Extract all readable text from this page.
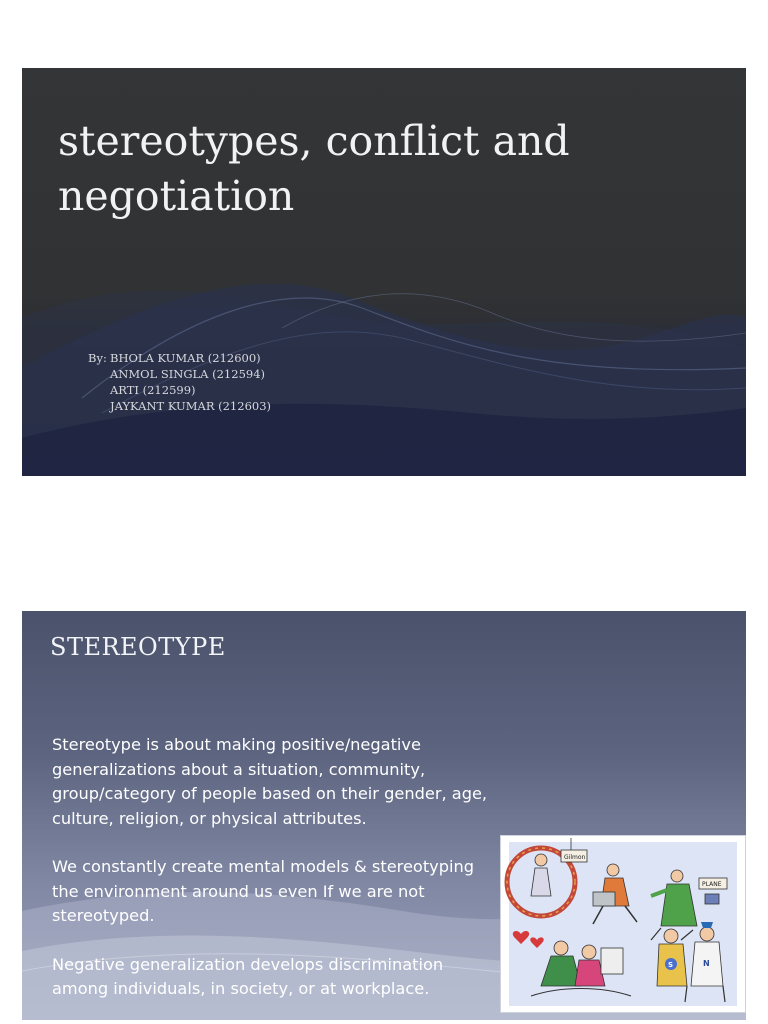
stereotypes, conflict and negotiation
By: BHOLA KUMAR (212600)
ANMOL SINGLA (212594)
ARTI (212599)
JAYKANT KUMAR (212603)
STEREOTYPE

Stereotype is about making positive/negative generalizations about a situation, community, group/category of people based on their gender, age, culture, religion, or physical attributes.

We constantly create mental models & stereotyping the environment around us even If we are not stereotyped.

Negative generalization develops discrimination among individuals, in society, or at workplace.

Gilmon
PLANE
S	N
